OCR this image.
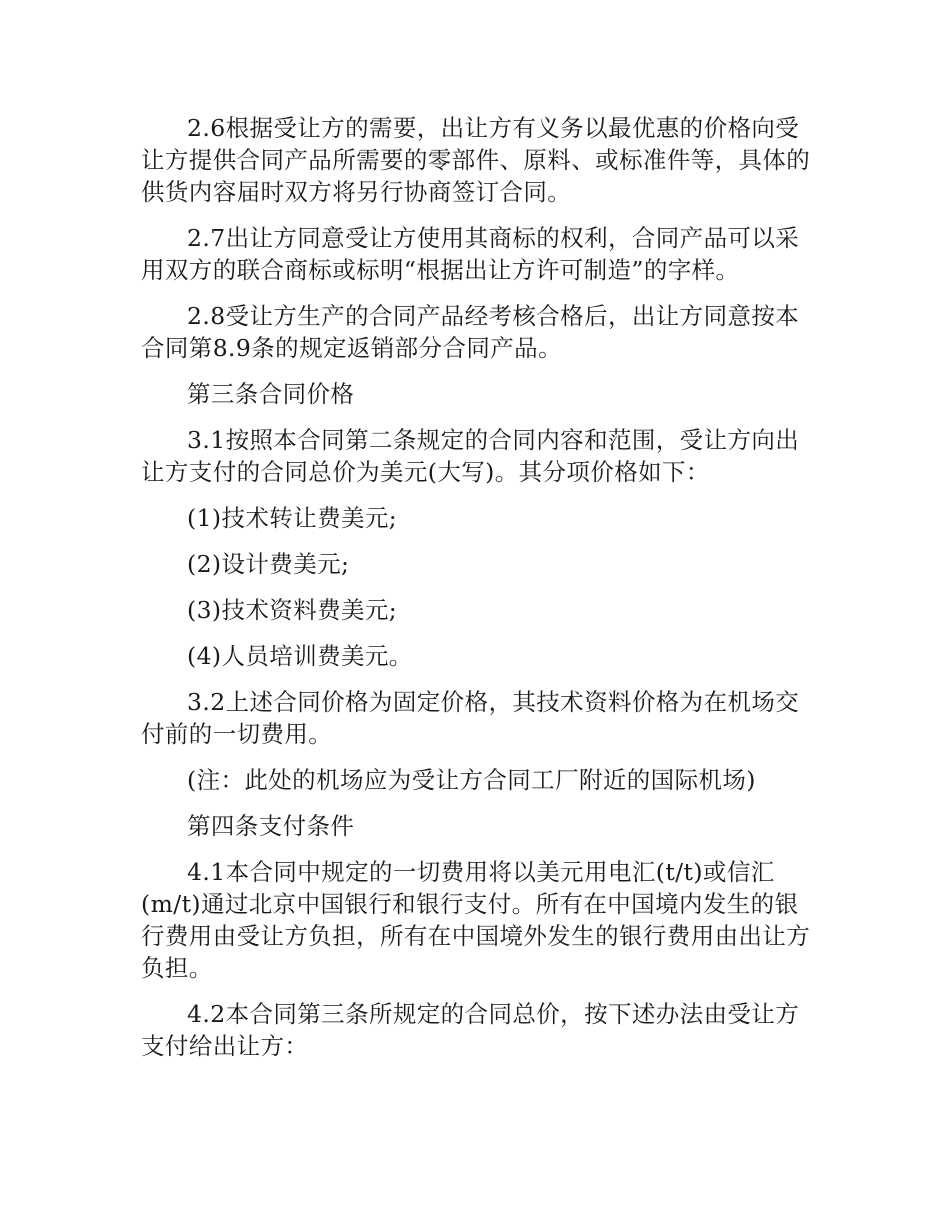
2.6根据受让方的需要，出让方有义务以最优惠的价格向受让方提供合同产品所需要的零部件、原料、或标准件等，具体的供货内容届时双方将另行协商签订合同。

2.7出让方同意受让方使用其商标的权利，合同产品可以采用双方的联合商标或标明“根据出让方许可制造”的字样。

2.8受让方生产的合同产品经考核合格后，出让方同意按本合同第8.9条的规定返销部分合同产品。

第三条合同价格

3.1按照本合同第二条规定的合同内容和范围，受让方向出让方支付的合同总价为美元(大写)。其分项价格如下：

(1)技术转让费美元;

(2)设计费美元;

(3)技术资料费美元;

(4)人员培训费美元。

3.2上述合同价格为固定价格，其技术资料价格为在机场交付前的一切费用。

(注：此处的机场应为受让方合同工厂附近的国际机场)

第四条支付条件

4.1本合同中规定的一切费用将以美元用电汇(t/t)或信汇(m/t)通过北京中国银行和银行支付。所有在中国境内发生的银行费用由受让方负担，所有在中国境外发生的银行费用由出让方负担。

4.2本合同第三条所规定的合同总价，按下述办法由受让方支付给出让方：
